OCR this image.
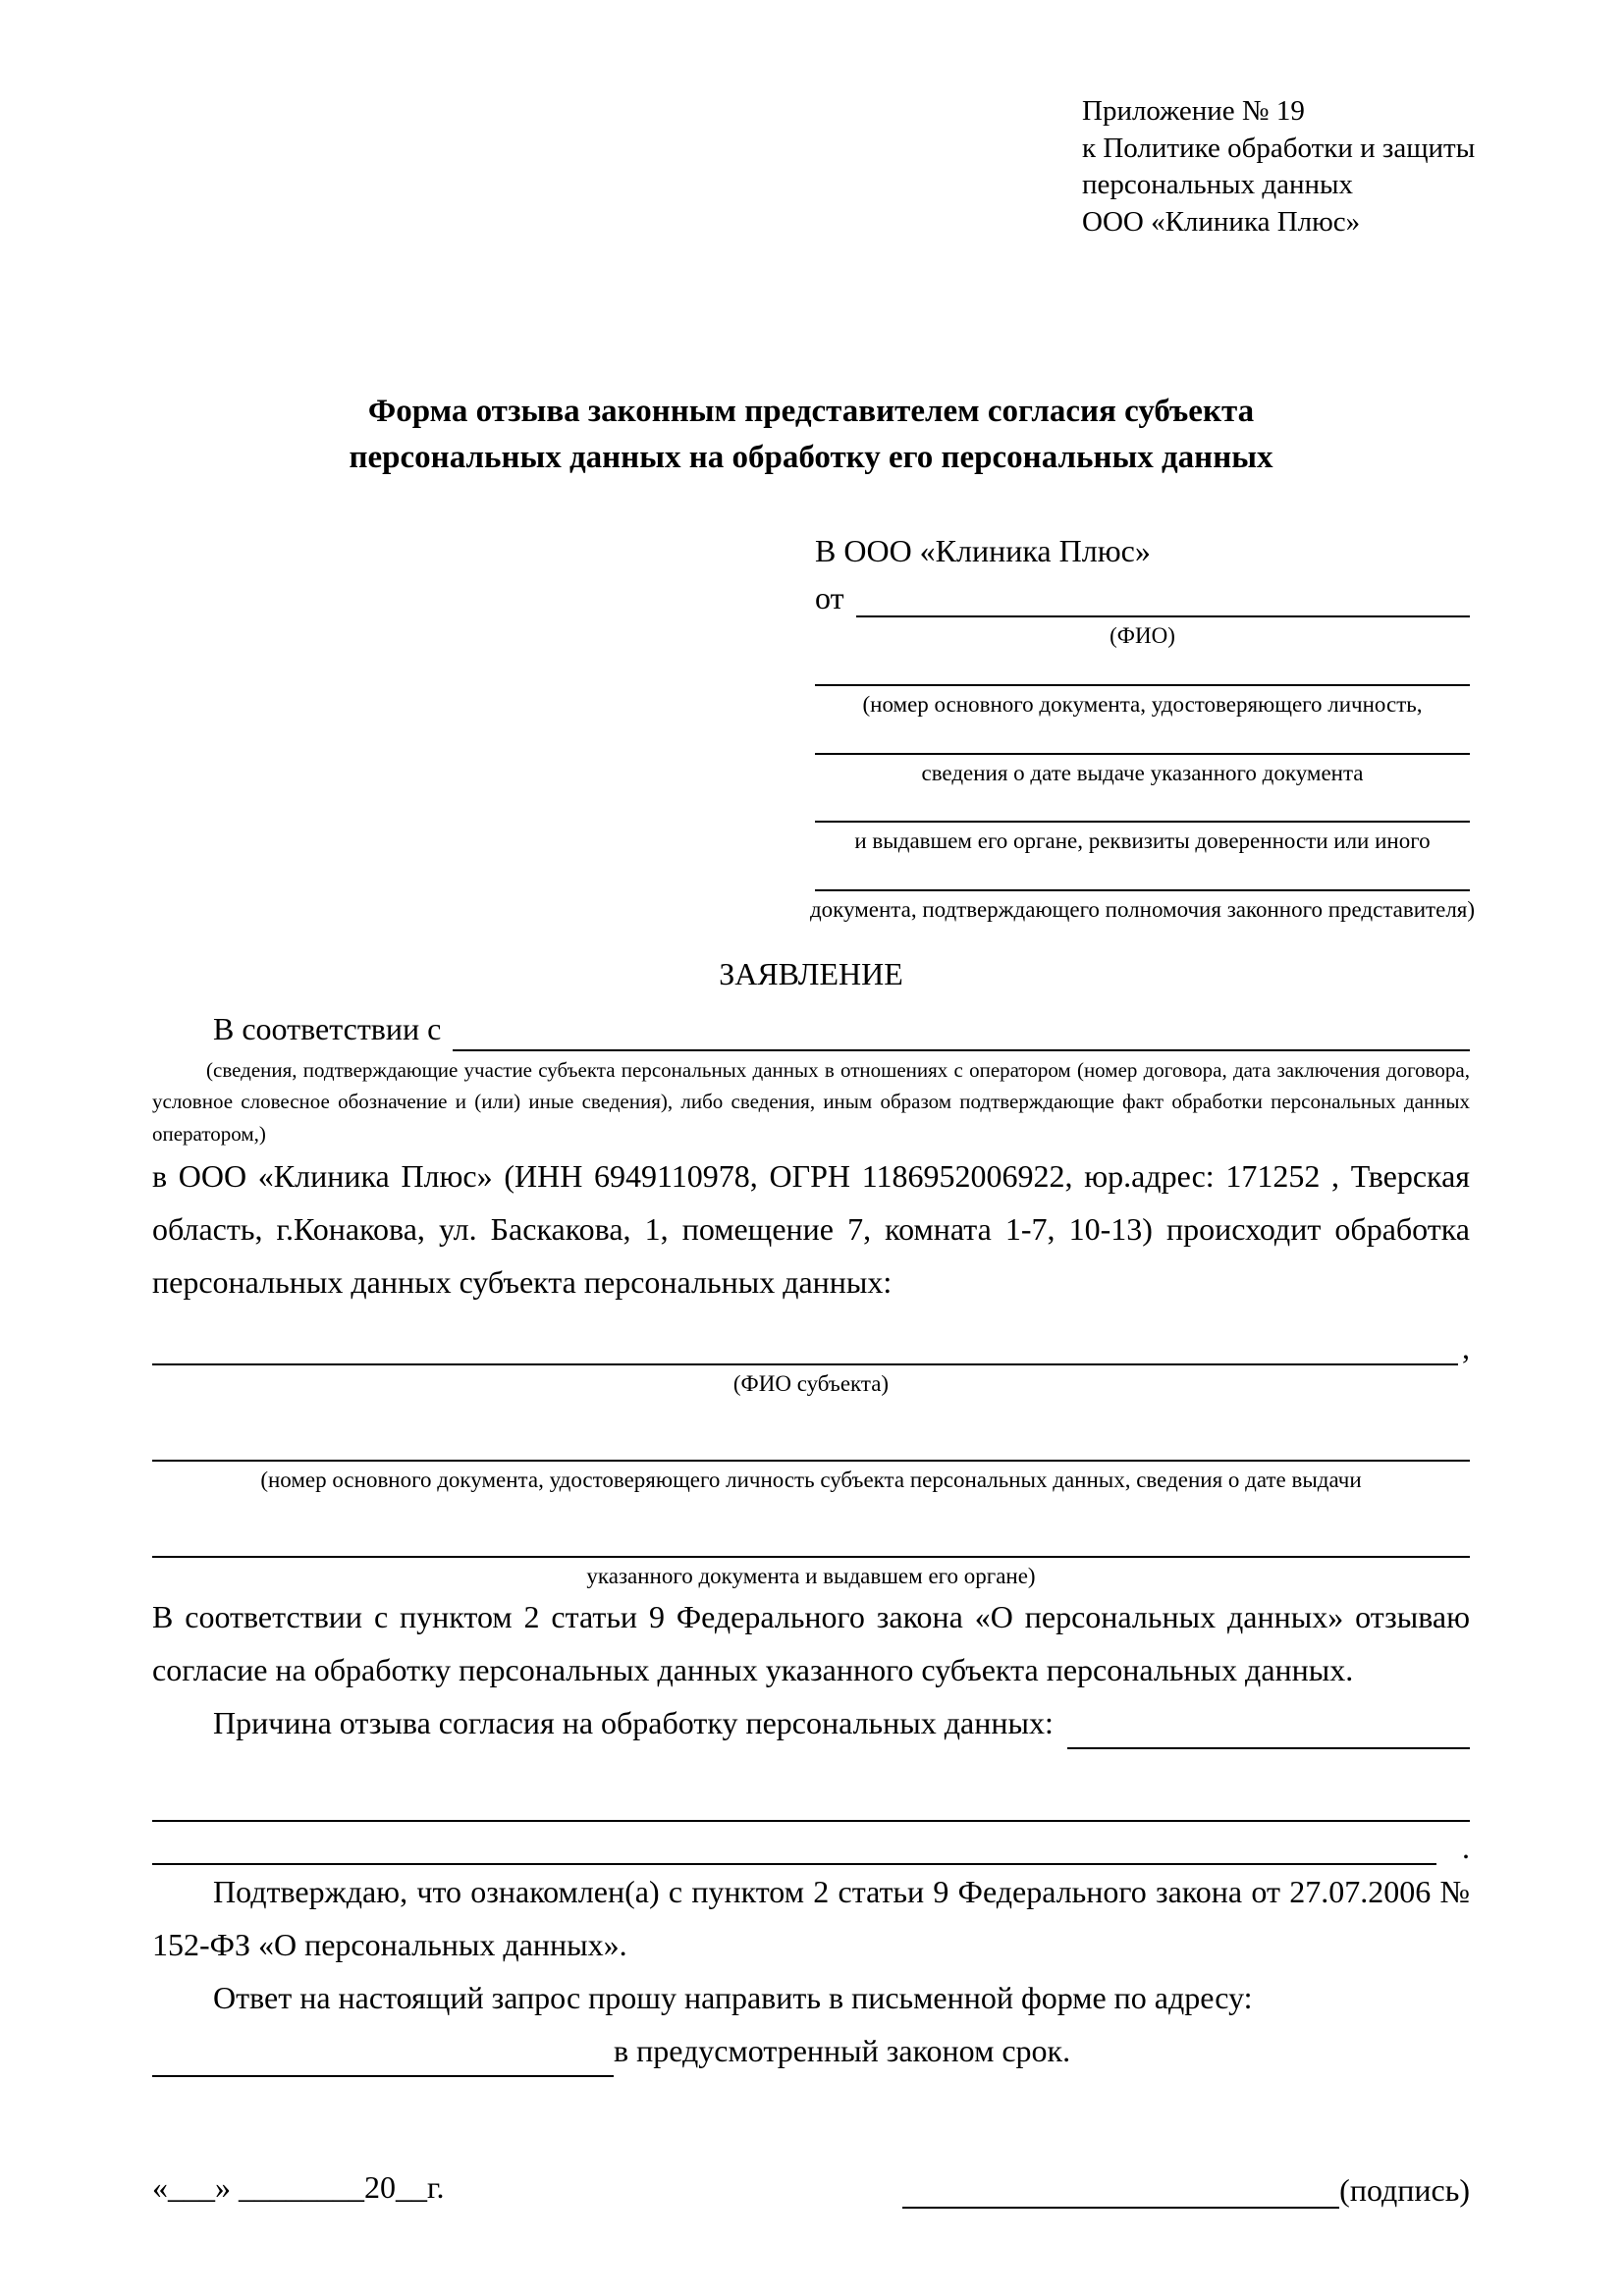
Приложение № 19
к Политике обработки и защиты
персональных данных
ООО «Клиника Плюс»
Форма отзыва законным представителем согласия субъекта персональных данных на обработку его персональных данных
В ООО «Клиника Плюс»
от
(ФИО)
(номер основного документа, удостоверяющего личность,
сведения о дате выдаче указанного документа
и выдавшем его органе, реквизиты доверенности или иного
документа, подтверждающего полномочия законного представителя)
ЗАЯВЛЕНИЕ
В соответствии с
(сведения, подтверждающие участие субъекта персональных данных в отношениях с оператором (номер договора, дата заключения договора, условное словесное обозначение и (или) иные сведения), либо сведения, иным образом подтверждающие факт обработки персональных данных оператором,)
в ООО «Клиника Плюс» (ИНН 6949110978, ОГРН 1186952006922, юр.адрес: 171252 , Тверская область, г.Конакова, ул. Баскакова, 1, помещение 7, комната 1-7, 10-13) происходит обработка персональных данных субъекта персональных данных:
,
(ФИО субъекта)
(номер основного документа, удостоверяющего личность субъекта персональных данных, сведения о дате выдачи
указанного документа и выдавшем его органе)
В соответствии с пунктом 2 статьи 9 Федерального закона «О персональных данных» отзываю согласие на обработку персональных данных указанного субъекта персональных данных.
Причина отзыва согласия на обработку персональных данных:
.
Подтверждаю, что ознакомлен(а) с пунктом 2 статьи 9 Федерального закона от 27.07.2006 № 152-ФЗ «О персональных данных».
Ответ на настоящий запрос прошу направить в письменной форме по адресу:
в предусмотренный законом срок.
«___» ________20__г.	(подпись)
